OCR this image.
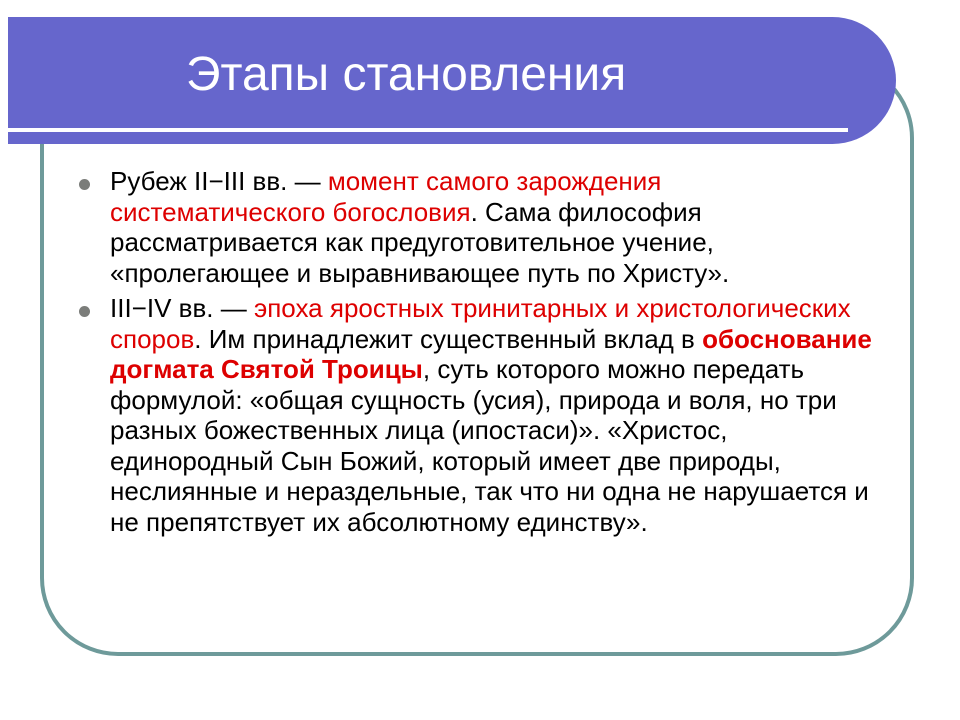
Этапы становления
Рубеж II−III вв. — момент самого зарождения систематического богословия. Сама философия рассматривается как предуготовительное учение, «пролегающее и выравнивающее путь по Христу».
III−IV вв. — эпоха яростных тринитарных и христологических споров. Им принадлежит существенный вклад в обоснование догмата Святой Троицы, суть которого можно передать формулой: «общая сущность (усия), природа и воля, но три разных божественных лица (ипостаси)». «Христос, единородный Сын Божий, который имеет две природы, неслиянные и нераздельные, так что ни одна не нарушается и не препятствует их абсолютному единству».
